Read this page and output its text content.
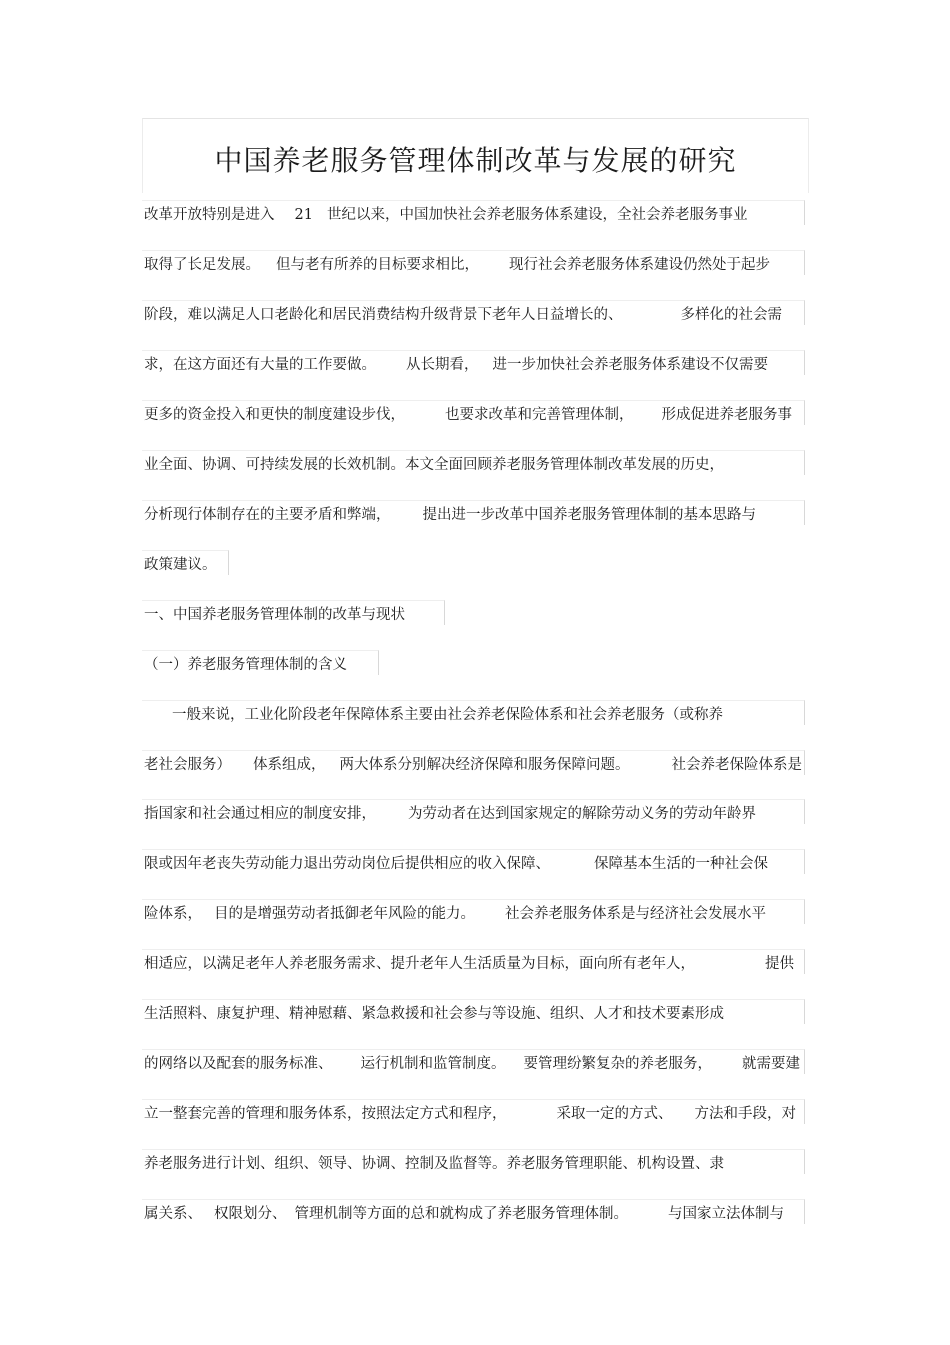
中国养老服务管理体制改革与发展的研究
改革开放特别是进入 21 世纪以来，中国加快社会养老服务体系建设，全社会养老服务事业
取得了长足发展。 但与老有所养的目标要求相比， 现行社会养老服务体系建设仍然处于起步
阶段，难以满足人口老龄化和居民消费结构升级背景下老年人日益增长的、	多样化的社会需
求，在这方面还有大量的工作要做。 从长期看， 进一步加快社会养老服务体系建设不仅需要
更多的资金投入和更快的制度建设步伐，	也要求改革和完善管理体制， 形成促进养老服务事
业全面、协调、可持续发展的长效机制。本文全面回顾养老服务管理体制改革发展的历史，
分析现行体制存在的主要矛盾和弊端， 提出进一步改革中国养老服务管理体制的基本思路与
政策建议。
一、中国养老服务管理体制的改革与现状
（一）养老服务管理体制的含义
一般来说，工业化阶段老年保障体系主要由社会养老保险体系和社会养老服务（或称养
老社会服务） 体系组成， 两大体系分别解决经济保障和服务保障问题。	社会养老保险体系是
指国家和社会通过相应的制度安排， 为劳动者在达到国家规定的解除劳动义务的劳动年龄界
限或因年老丧失劳动能力退出劳动岗位后提供相应的收入保障、	保障基本生活的一种社会保
险体系， 目的是增强劳动者抵御老年风险的能力。 社会养老服务体系是与经济社会发展水平
相适应，以满足老年人养老服务需求、提升老年人生活质量为目标，面向所有老年人，	提供
生活照料、康复护理、精神慰藉、紧急救援和社会参与等设施、组织、人才和技术要素形成
的网络以及配套的服务标准、 运行机制和监管制度。 要管理纷繁复杂的养老服务， 就需要建
立一整套完善的管理和服务体系，按照法定方式和程序，	采取一定的方式、 方法和手段，对
养老服务进行计划、组织、领导、协调、控制及监督等。养老服务管理职能、机构设置、隶
属关系、 权限划分、 管理机制等方面的总和就构成了养老服务管理体制。	与国家立法体制与
